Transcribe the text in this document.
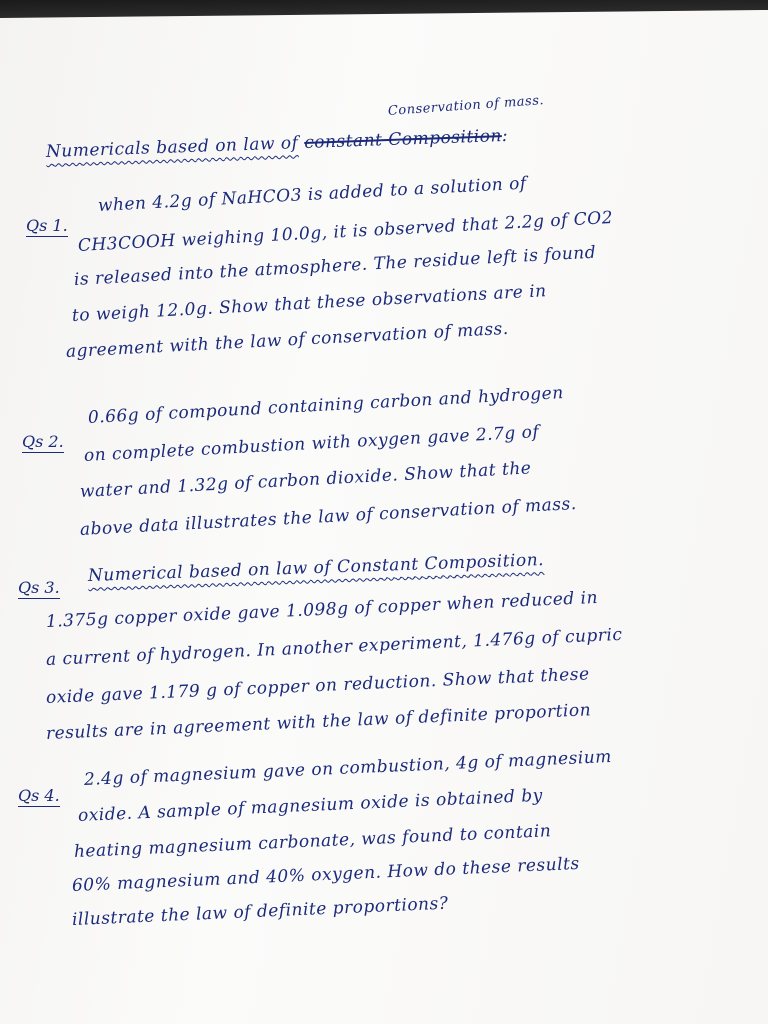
Conservation of mass.
Numericals based on law of constant Composition:
Qs 1.
when 4.2g of NaHCO3 is added to a solution of
CH3COOH weighing 10.0g, it is observed that 2.2g of CO2
is released into the atmosphere. The residue left is found
to weigh 12.0g. Show that these observations are in
agreement with the law of conservation of mass.
Qs 2.
0.66g of compound containing carbon and hydrogen
on complete combustion with oxygen gave 2.7g of
water and 1.32g of carbon dioxide. Show that the
above data illustrates the law of conservation of mass.
Qs 3.
Numerical based on law of Constant Composition.
1.375g copper oxide gave 1.098g of copper when reduced in
a current of hydrogen. In another experiment, 1.476g of cupric
oxide gave 1.179 g of copper on reduction. Show that these
results are in agreement with the law of definite proportion
Qs 4.
2.4g of magnesium gave on combustion, 4g of magnesium
oxide. A sample of magnesium oxide is obtained by
heating magnesium carbonate, was found to contain
60% magnesium and 40% oxygen. How do these results
illustrate the law of definite proportions?
